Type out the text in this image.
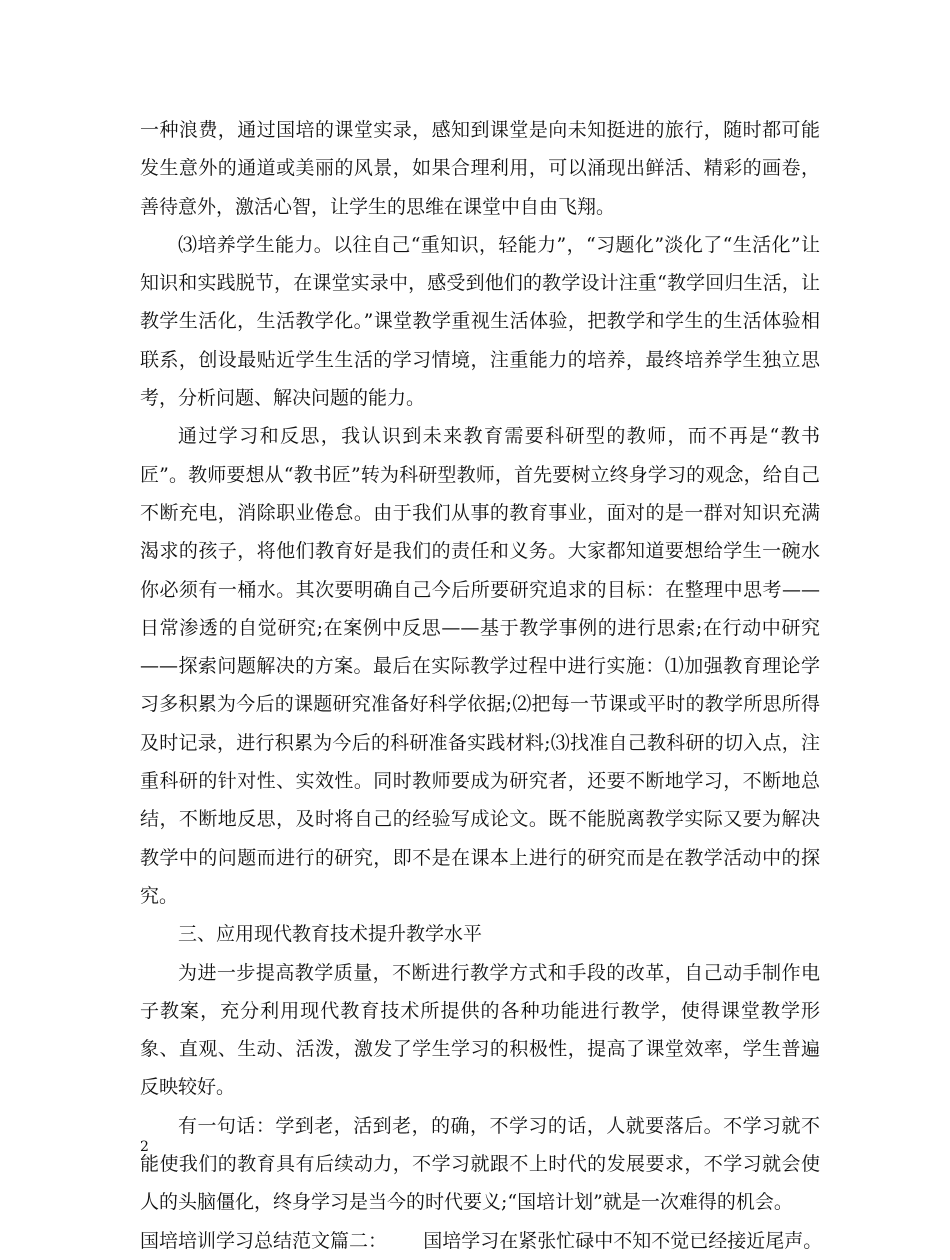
一种浪费，通过国培的课堂实录，感知到课堂是向未知挺进的旅行，随时都可能发生意外的通道或美丽的风景，如果合理利用，可以涌现出鲜活、精彩的画卷，善待意外，激活心智，让学生的思维在课堂中自由飞翔。

⑶培养学生能力。以往自己“重知识，轻能力”，“习题化”淡化了“生活化”让知识和实践脱节，在课堂实录中，感受到他们的教学设计注重“教学回归生活，让教学生活化，生活教学化。”课堂教学重视生活体验，把教学和学生的生活体验相联系，创设最贴近学生生活的学习情境，注重能力的培养，最终培养学生独立思考，分析问题、解决问题的能力。

通过学习和反思，我认识到未来教育需要科研型的教师，而不再是“教书匠”。教师要想从“教书匠”转为科研型教师，首先要树立终身学习的观念，给自己不断充电，消除职业倦怠。由于我们从事的教育事业，面对的是一群对知识充满渴求的孩子，将他们教育好是我们的责任和义务。大家都知道要想给学生一碗水你必须有一桶水。其次要明确自己今后所要研究追求的目标：在整理中思考——日常渗透的自觉研究;在案例中反思——基于教学事例的进行思索;在行动中研究——探索问题解决的方案。最后在实际教学过程中进行实施：⑴加强教育理论学习多积累为今后的课题研究准备好科学依据;⑵把每一节课或平时的教学所思所得及时记录，进行积累为今后的科研准备实践材料;⑶找准自己教科研的切入点，注重科研的针对性、实效性。同时教师要成为研究者，还要不断地学习，不断地总结，不断地反思，及时将自己的经验写成论文。既不能脱离教学实际又要为解决教学中的问题而进行的研究，即不是在课本上进行的研究而是在教学活动中的探究。

三、应用现代教育技术提升教学水平

为进一步提高教学质量，不断进行教学方式和手段的改革，自己动手制作电子教案，充分利用现代教育技术所提供的各种功能进行教学，使得课堂教学形象、直观、生动、活泼，激发了学生学习的积极性，提高了课堂效率，学生普遍反映较好。

有一句话：学到老，活到老，的确，不学习的话，人就要落后。不学习就不能使我们的教育具有后续动力，不学习就跟不上时代的发展要求，不学习就会使人的头脑僵化，终身学习是当今的时代要义;“国培计划”就是一次难得的机会。

国培培训学习总结范文篇二： 国培学习在紧张忙碌中不知不觉已经接近尾声。

2
